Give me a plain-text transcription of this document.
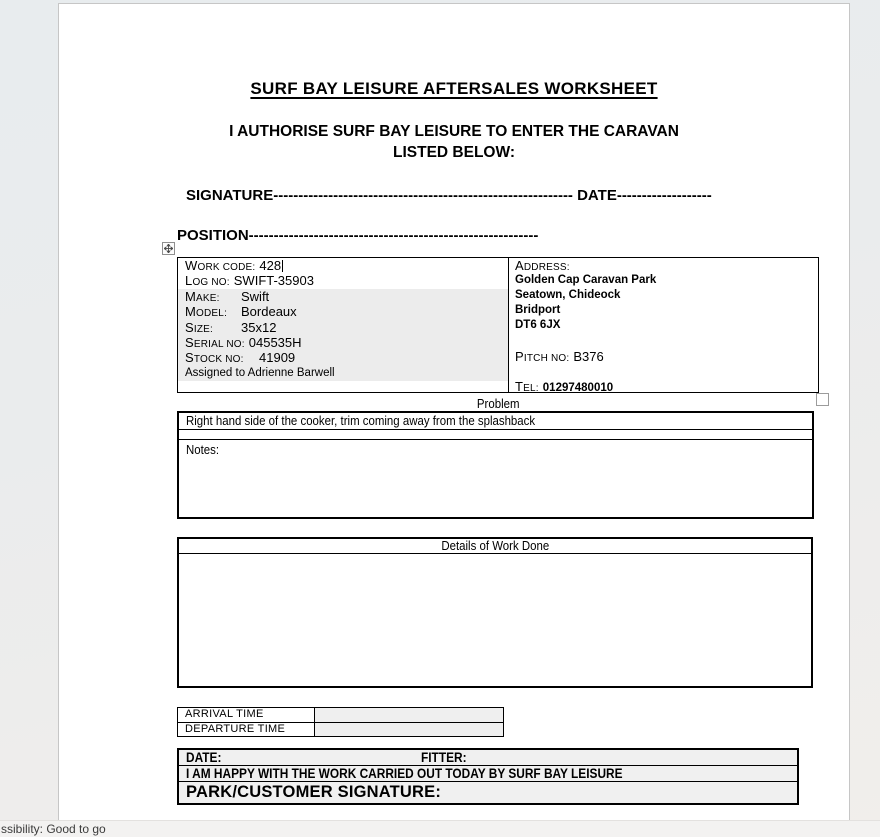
SURF BAY LEISURE AFTERSALES WORKSHEET
I AUTHORISE SURF BAY LEISURE TO ENTER THE CARAVAN
LISTED BELOW:
SIGNATURE------------------------------------------------------------ DATE-------------------
POSITION----------------------------------------------------------
WORK CODE: 428
LOG NO: SWIFT-35903
MAKE: Swift
MODEL: Bordeaux
SIZE: 35x12
SERIAL NO: 045535H
STOCK NO: 41909
Assigned to Adrienne Barwell
ADDRESS:
Golden Cap Caravan Park
Seatown, Chideock
Bridport
DT6 6JX
PITCH NO: B376
TEL: 01297480010
Problem
Right hand side of the cooker, trim coming away from the splashback
Notes:
Details of Work Done
ARRIVAL TIME
DEPARTURE TIME
DATE:	FITTER:
I AM HAPPY WITH THE WORK CARRIED OUT TODAY BY SURF BAY LEISURE
PARK/CUSTOMER SIGNATURE:
ssibility: Good to go
